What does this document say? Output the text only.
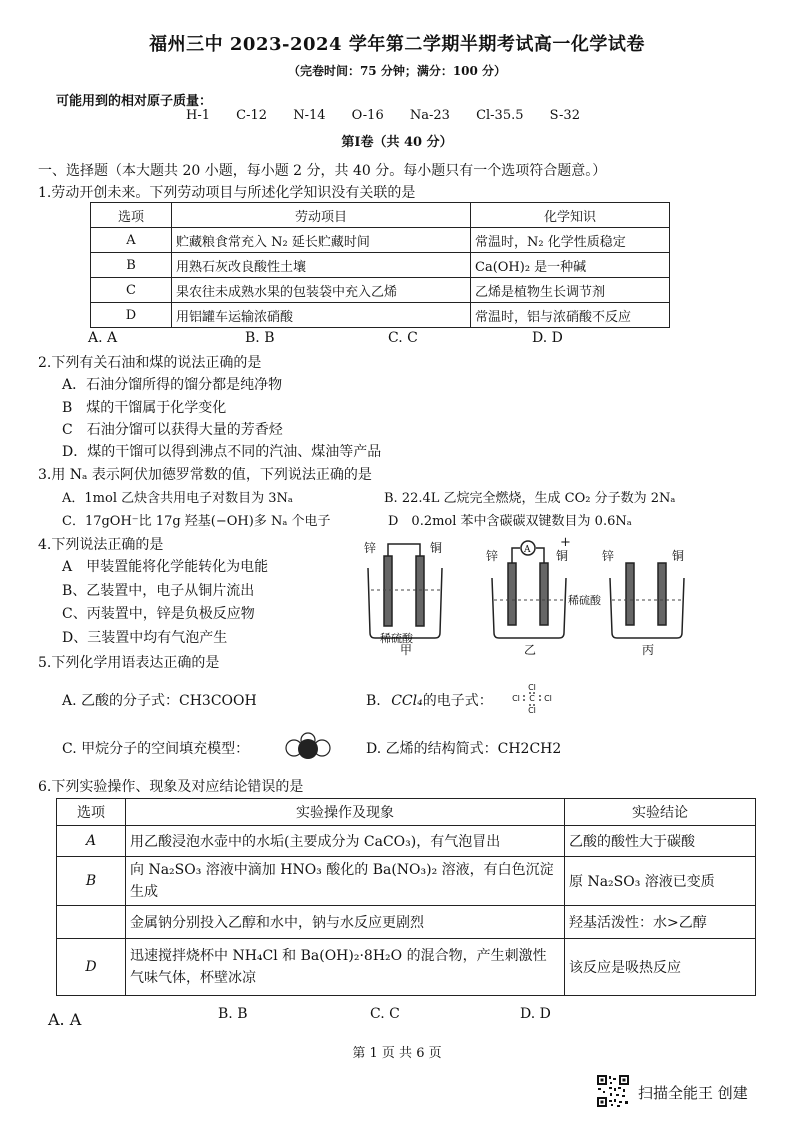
福州三中 2023-2024 学年第二学期半期考试高一化学试卷
（完卷时间：75 分钟；满分：100 分）
可能用到的相对原子质量：
H-1 C-12 N-14 O-16 Na-23 Cl-35.5 S-32
第Ⅰ卷（共 40 分）
一、选择题（本大题共 20 小题，每小题 2 分，共 40 分。每小题只有一个选项符合题意。）
1.劳动开创未来。下列劳动项目与所述化学知识没有关联的是
选项	劳动项目	化学知识
A	贮藏粮食常充入 N₂ 延长贮藏时间	常温时，N₂ 化学性质稳定
B	用熟石灰改良酸性土壤	Ca(OH)₂ 是一种碱
C	果农往未成熟水果的包装袋中充入乙烯	乙烯是植物生长调节剂
D	用铝罐车运输浓硝酸	常温时，铝与浓硝酸不反应
A. A	B. B	C. C	D. D
2.下列有关石油和煤的说法正确的是
A．石油分馏所得的馏分都是纯净物
B　煤的干馏属于化学变化
C　石油分馏可以获得大量的芳香烃
D．煤的干馏可以得到沸点不同的汽油、煤油等产品
3.用 Nₐ 表示阿伏加德罗常数的值，下列说法正确的是
A．1mol 乙炔含共用电子对数目为 3Nₐ	B. 22.4L 乙烷完全燃烧，生成 CO₂ 分子数为 2Nₐ
C．17gOH⁻比 17g 羟基(−OH)多 Nₐ 个电子	D　0.2mol 苯中含碳碳双键数目为 0.6Nₐ
4.下列说法正确的是
A　甲装置能将化学能转化为电能
B、乙装置中，电子从铜片流出
C、丙装置中，锌是负极反应物
D、三装置中均有气泡产生
锌	铜
锌	铜
A +
锌	铜
稀硫酸
稀硫酸
甲	乙	丙
5.下列化学用语表达正确的是
A. 乙酸的分子式：CH3COOH	B. CCl₄的电子式：
Cl
Cl C Cl
Cl
C. 甲烷分子的空间填充模型：	D. 乙烯的结构简式：CH2CH2
6.下列实验操作、现象及对应结论错误的是
选项	实验操作及现象	实验结论
A	用乙酸浸泡水壶中的水垢(主要成分为 CaCO₃)，有气泡冒出	乙酸的酸性大于碳酸
B	向 Na₂SO₃ 溶液中滴加 HNO₃ 酸化的 Ba(NO₃)₂ 溶液，有白色沉淀生成	原 Na₂SO₃ 溶液已变质
	金属钠分别投入乙醇和水中，钠与水反应更剧烈	羟基活泼性：水>乙醇
D	迅速搅拌烧杯中 NH₄Cl 和 Ba(OH)₂·8H₂O 的混合物，产生刺激性气味气体，杯壁冰凉	该反应是吸热反应
A. A	B. B	C. C	D. D
第 1 页 共 6 页
扫描全能王 创建
